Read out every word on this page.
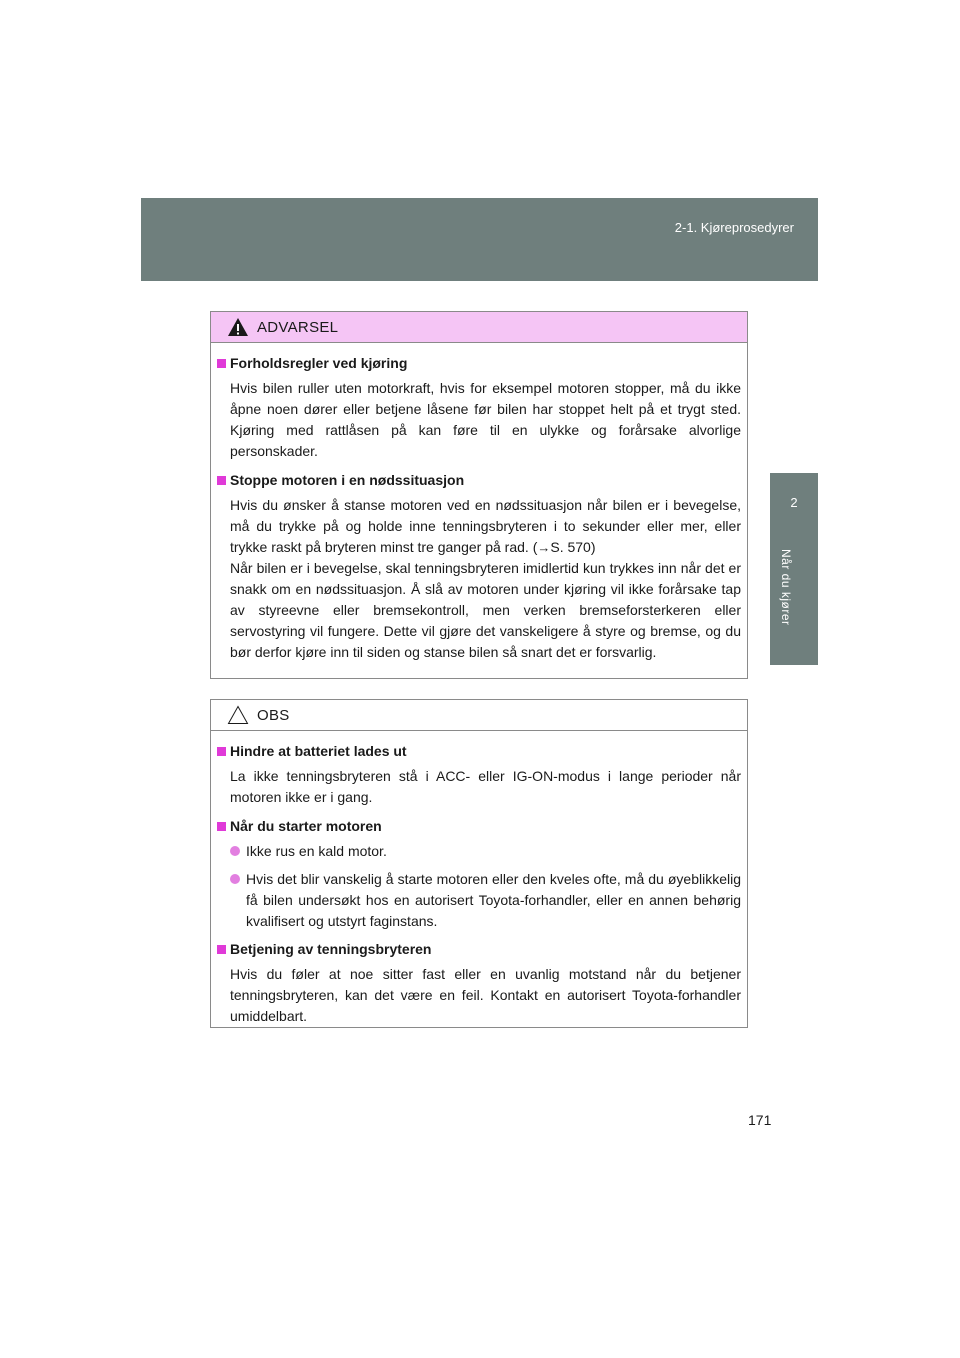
2-1. Kjøreprosedyrer
2
Når du kjører
ADVARSEL
Forholdsregler ved kjøring

Hvis bilen ruller uten motorkraft, hvis for eksempel motoren stopper, må du ikke åpne noen dører eller betjene låsene før bilen har stoppet helt på et trygt sted. Kjøring med rattlåsen på kan føre til en ulykke og forårsake alvorlige personskader.

Stoppe motoren i en nødssituasjon

Hvis du ønsker å stanse motoren ved en nødssituasjon når bilen er i bevegelse, må du trykke på og holde inne tenningsbryteren i to sekunder eller mer, eller trykke raskt på bryteren minst tre ganger på rad. (→S. 570)

Når bilen er i bevegelse, skal tenningsbryteren imidlertid kun trykkes inn når det er snakk om en nødssituasjon. Å slå av motoren under kjøring vil ikke forårsake tap av styreevne eller bremsekontroll, men verken bremseforsterkeren eller servostyring vil fungere. Dette vil gjøre det vanskeligere å styre og bremse, og du bør derfor kjøre inn til siden og stanse bilen så snart det er forsvarlig.

OBS
Hindre at batteriet lades ut

La ikke tenningsbryteren stå i ACC- eller IG-ON-modus i lange perioder når motoren ikke er i gang.

Når du starter motoren
Ikke rus en kald motor.
Hvis det blir vanskelig å starte motoren eller den kveles ofte, må du øyeblikkelig få bilen undersøkt hos en autorisert Toyota-forhandler, eller en annen behørig kvalifisert og utstyrt faginstans.
Betjening av tenningsbryteren

Hvis du føler at noe sitter fast eller en uvanlig motstand når du betjener tenningsbryteren, kan det være en feil. Kontakt en autorisert Toyota-forhandler umiddelbart.

171
